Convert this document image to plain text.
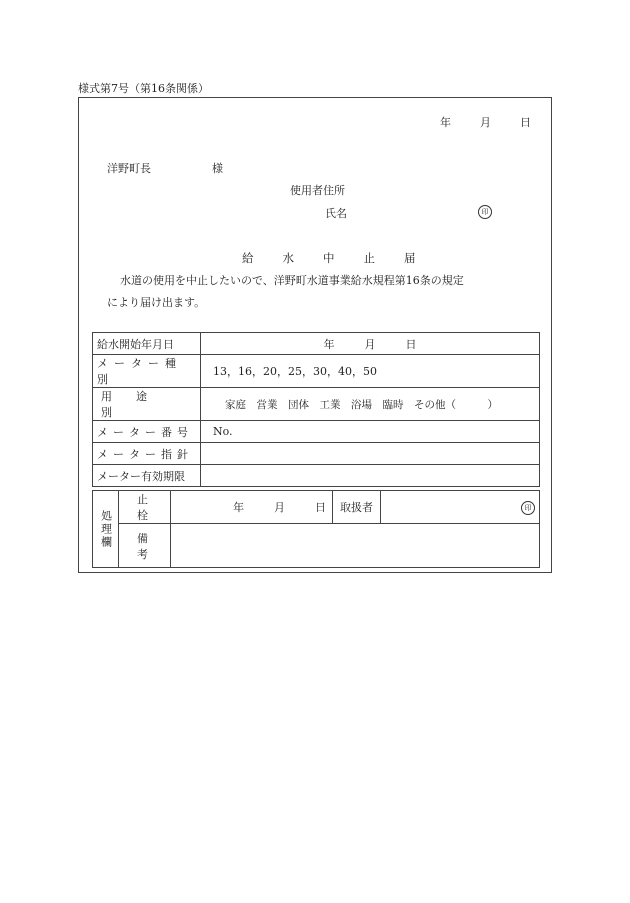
様式第7号（第16条関係）
年	月	日
洋野町長	様
使用者住所
氏名	印
給	水	中	止	届
水道の使用を中止したいので、洋野町水道事業給水規程第16条の規定
により届け出ます。
給水開始年月日	年 月 日

メーター種別	13，16，20，25，30，40，50

用途別	家庭　営業　団体　工業　浴場　臨時　その他（　　　）

メーター番号	No.

メーター指針	

メーター有効期限	

処理欄	止栓	年 月 日	取扱者	印
	備考			
